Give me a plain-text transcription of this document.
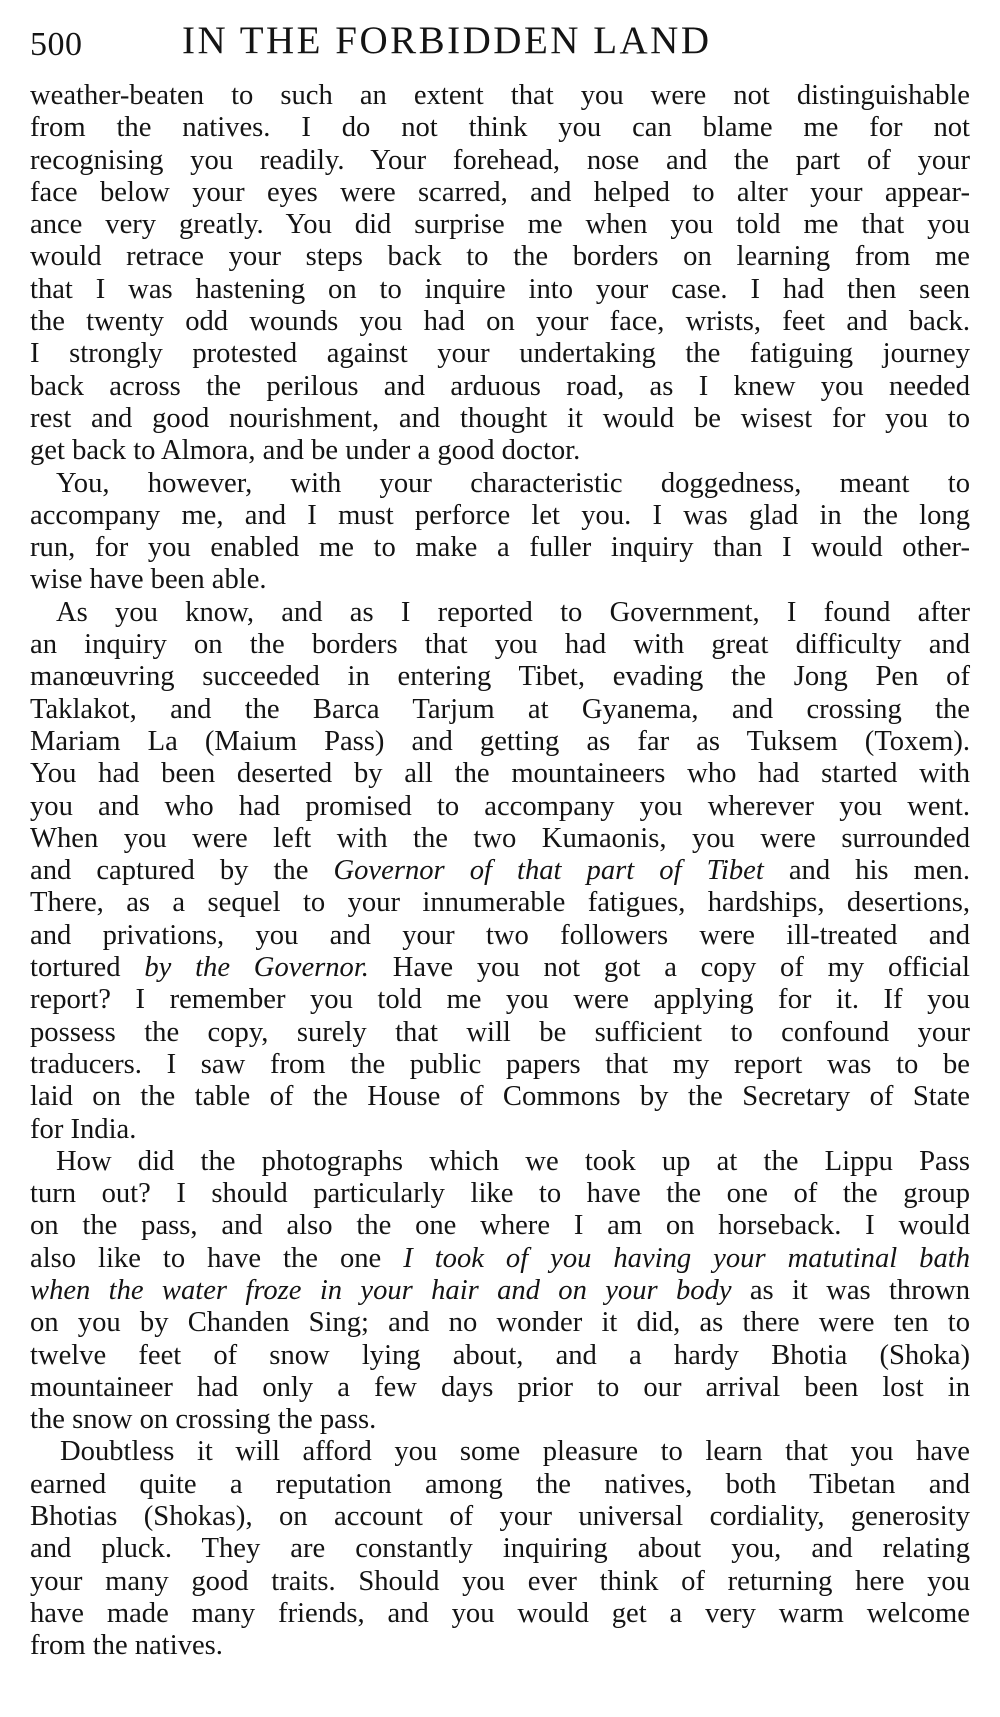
500	IN THE FORBIDDEN LAND
weather-beaten to such an extent that you were not distinguishable
from the natives. I do not think you can blame me for not
recognising you readily. Your forehead, nose and the part of your
face below your eyes were scarred, and helped to alter your appear-
ance very greatly. You did surprise me when you told me that you
would retrace your steps back to the borders on learning from me
that I was hastening on to inquire into your case. I had then seen
the twenty odd wounds you had on your face, wrists, feet and back.
I strongly protested against your undertaking the fatiguing journey
back across the perilous and arduous road, as I knew you needed
rest and good nourishment, and thought it would be wisest for you to
get back to Almora, and be under a good doctor.
You, however, with your characteristic doggedness, meant to
accompany me, and I must perforce let you. I was glad in the long
run, for you enabled me to make a fuller inquiry than I would other-
wise have been able.
As you know, and as I reported to Government, I found after
an inquiry on the borders that you had with great difficulty and
manœuvring succeeded in entering Tibet, evading the Jong Pen of
Taklakot, and the Barca Tarjum at Gyanema, and crossing the
Mariam La (Maium Pass) and getting as far as Tuksem (Toxem).
You had been deserted by all the mountaineers who had started with
you and who had promised to accompany you wherever you went.
When you were left with the two Kumaonis, you were surrounded
and captured by the Governor of that part of Tibet and his men.
There, as a sequel to your innumerable fatigues, hardships, desertions,
and privations, you and your two followers were ill-treated and
tortured by the Governor. Have you not got a copy of my official
report? I remember you told me you were applying for it. If you
possess the copy, surely that will be sufficient to confound your
traducers. I saw from the public papers that my report was to be
laid on the table of the House of Commons by the Secretary of State
for India.
How did the photographs which we took up at the Lippu Pass
turn out? I should particularly like to have the one of the group
on the pass, and also the one where I am on horseback. I would
also like to have the one I took of you having your matutinal bath
when the water froze in your hair and on your body as it was thrown
on you by Chanden Sing; and no wonder it did, as there were ten to
twelve feet of snow lying about, and a hardy Bhotia (Shoka)
mountaineer had only a few days prior to our arrival been lost in
the snow on crossing the pass.
Doubtless it will afford you some pleasure to learn that you have
earned quite a reputation among the natives, both Tibetan and
Bhotias (Shokas), on account of your universal cordiality, generosity
and pluck. They are constantly inquiring about you, and relating
your many good traits. Should you ever think of returning here you
have made many friends, and you would get a very warm welcome
from the natives.
